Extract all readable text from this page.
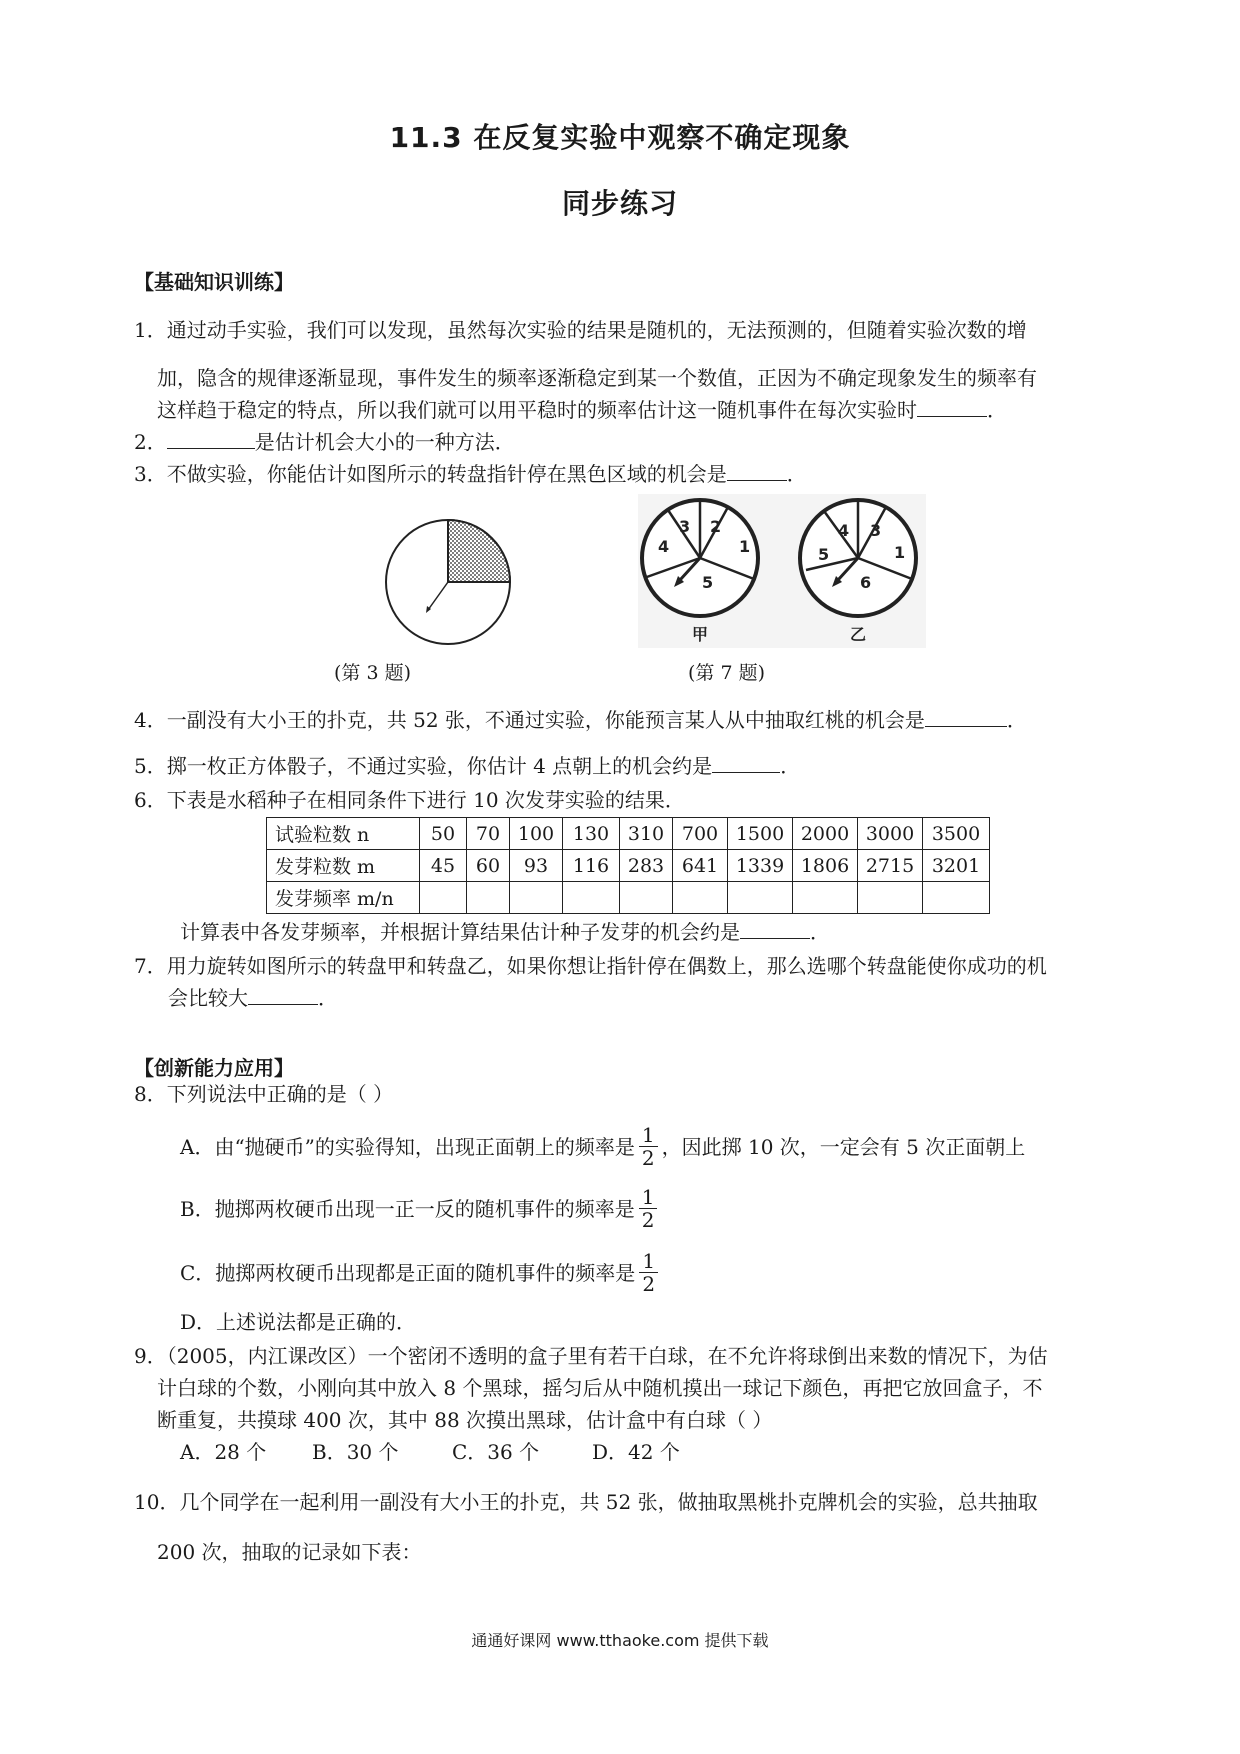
11.3 在反复实验中观察不确定现象
同步练习
【基础知识训练】
1．通过动手实验，我们可以发现，虽然每次实验的结果是随机的，无法预测的，但随着实验次数的增
加，隐含的规律逐渐显现，事件发生的频率逐渐稳定到某一个数值，正因为不确定现象发生的频率有
这样趋于稳定的特点，所以我们就可以用平稳时的频率估计这一随机事件在每次实验时	．
2．	是估计机会大小的一种方法．
3．不做实验，你能估计如图所示的转盘指针停在黑色区域的机会是	．
(第 3 题)
3 2
1
4
5
甲
4 3
5	1
6
乙
(第 7 题)
4．一副没有大小王的扑克，共 52 张，不通过实验，你能预言某人从中抽取红桃的机会是	．
5．掷一枚正方体骰子，不通过实验，你估计 4 点朝上的机会约是	．
6．下表是水稻种子在相同条件下进行 10 次发芽实验的结果．
试验粒数 n	50	70	100	130	310	700	1500	2000	3000	3500
发芽粒数 m	45	60	93	116	283	641	1339	1806	2715	3201
发芽频率 m/n										
计算表中各发芽频率，并根据计算结果估计种子发芽的机会约是	．
7．用力旋转如图所示的转盘甲和转盘乙，如果你想让指针停在偶数上，那么选哪个转盘能使你成功的机
会比较大	．
【创新能力应用】
8．下列说法中正确的是（ ）
A．由“抛硬币”的实验得知，出现正面朝上的频率是 $\frac{1}{2}$ ，因此掷 10 次，一定会有 5 次正面朝上
B．抛掷两枚硬币出现一正一反的随机事件的频率是 $\frac{1}{2}$
C．抛掷两枚硬币出现都是正面的随机事件的频率是 $\frac{1}{2}$
D．上述说法都是正确的．
9．（2005，内江课改区）一个密闭不透明的盒子里有若干白球，在不允许将球倒出来数的情况下，为估
计白球的个数，小刚向其中放入 8 个黑球，摇匀后从中随机摸出一球记下颜色，再把它放回盒子，不
断重复，共摸球 400 次，其中 88 次摸出黑球，估计盒中有白球（ ）
A．28 个 B．30 个	C．36 个	D．42 个
10．几个同学在一起利用一副没有大小王的扑克，共 52 张，做抽取黑桃扑克牌机会的实验，总共抽取
200 次，抽取的记录如下表：
通通好课网 www.tthaoke.com 提供下载
